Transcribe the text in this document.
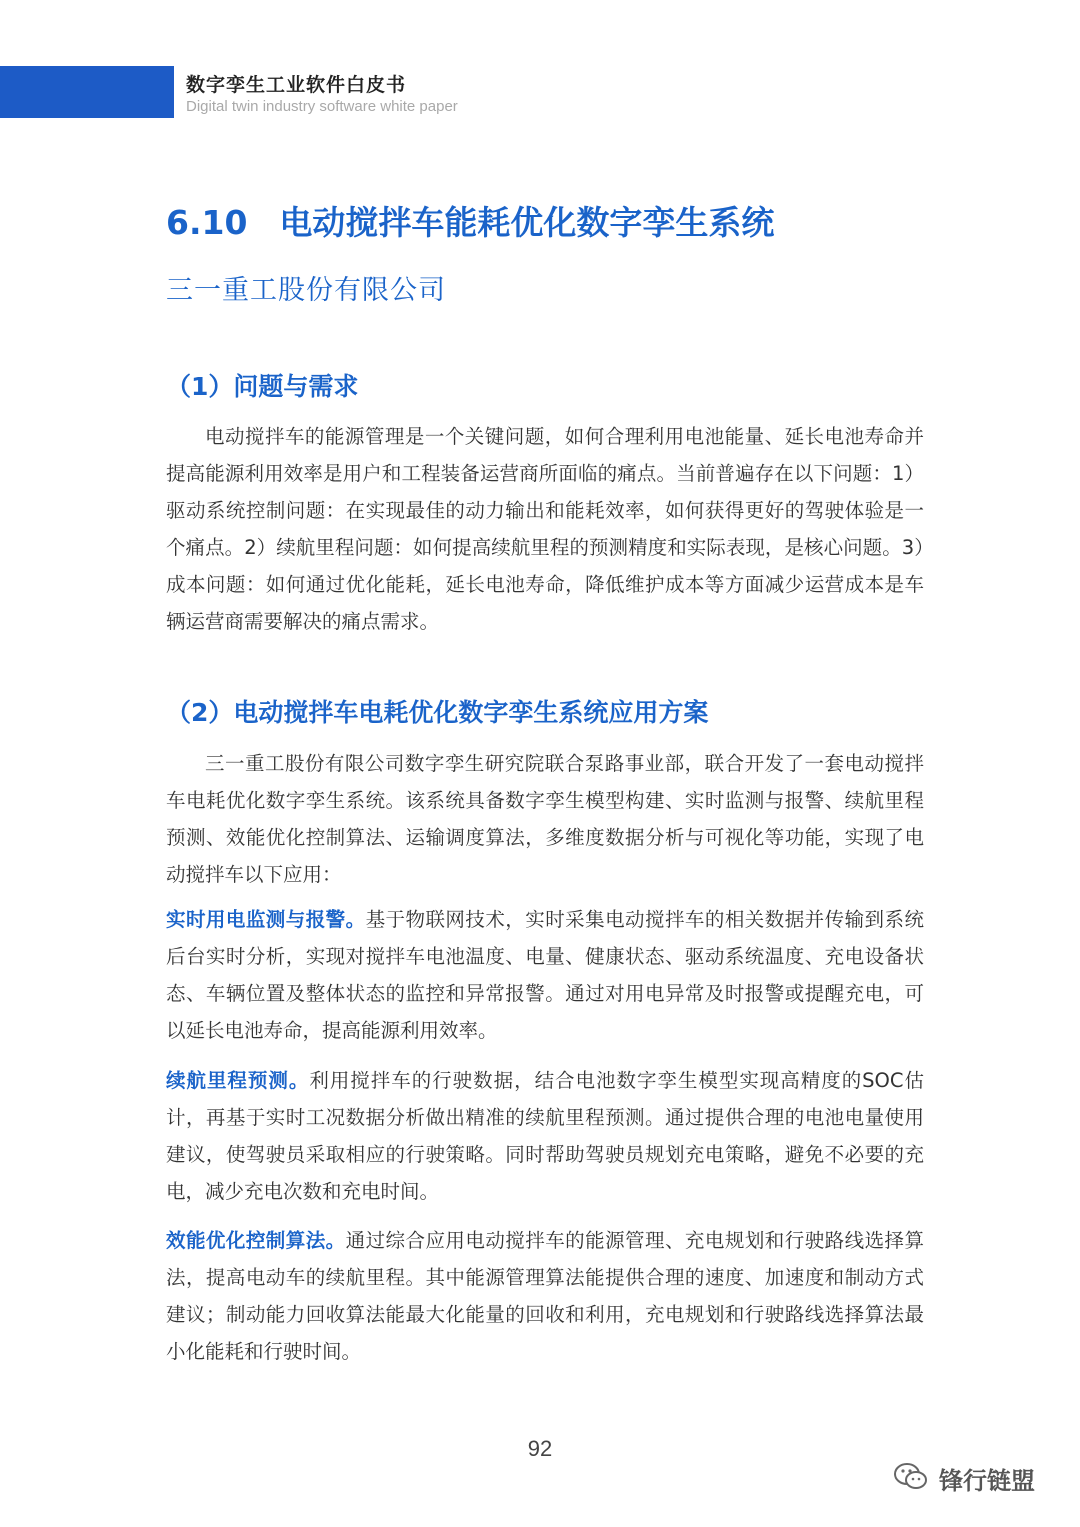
数字孪生工业软件白皮书
Digital twin industry software white paper
6.10 电动搅拌车能耗优化数字孪生系统
三一重工股份有限公司
（1）问题与需求
电动搅拌车的能源管理是一个关键问题，如何合理利用电池能量、延长电池寿命并提高能源利用效率是用户和工程装备运营商所面临的痛点。当前普遍存在以下问题：1）驱动系统控制问题：在实现最佳的动力输出和能耗效率，如何获得更好的驾驶体验是一个痛点。2）续航里程问题：如何提高续航里程的预测精度和实际表现，是核心问题。3）成本问题：如何通过优化能耗，延长电池寿命，降低维护成本等方面减少运营成本是车辆运营商需要解决的痛点需求。
（2）电动搅拌车电耗优化数字孪生系统应用方案
三一重工股份有限公司数字孪生研究院联合泵路事业部，联合开发了一套电动搅拌车电耗优化数字孪生系统。该系统具备数字孪生模型构建、实时监测与报警、续航里程预测、效能优化控制算法、运输调度算法，多维度数据分析与可视化等功能，实现了电动搅拌车以下应用：
实时用电监测与报警。基于物联网技术，实时采集电动搅拌车的相关数据并传输到系统后台实时分析，实现对搅拌车电池温度、电量、健康状态、驱动系统温度、充电设备状态、车辆位置及整体状态的监控和异常报警。通过对用电异常及时报警或提醒充电，可以延长电池寿命，提高能源利用效率。
续航里程预测。利用搅拌车的行驶数据，结合电池数字孪生模型实现高精度的SOC估计，再基于实时工况数据分析做出精准的续航里程预测。通过提供合理的电池电量使用建议，使驾驶员采取相应的行驶策略。同时帮助驾驶员规划充电策略，避免不必要的充电，减少充电次数和充电时间。
效能优化控制算法。通过综合应用电动搅拌车的能源管理、充电规划和行驶路线选择算法，提高电动车的续航里程。其中能源管理算法能提供合理的速度、加速度和制动方式建议；制动能力回收算法能最大化能量的回收和利用，充电规划和行驶路线选择算法最小化能耗和行驶时间。
92
锋行链盟
